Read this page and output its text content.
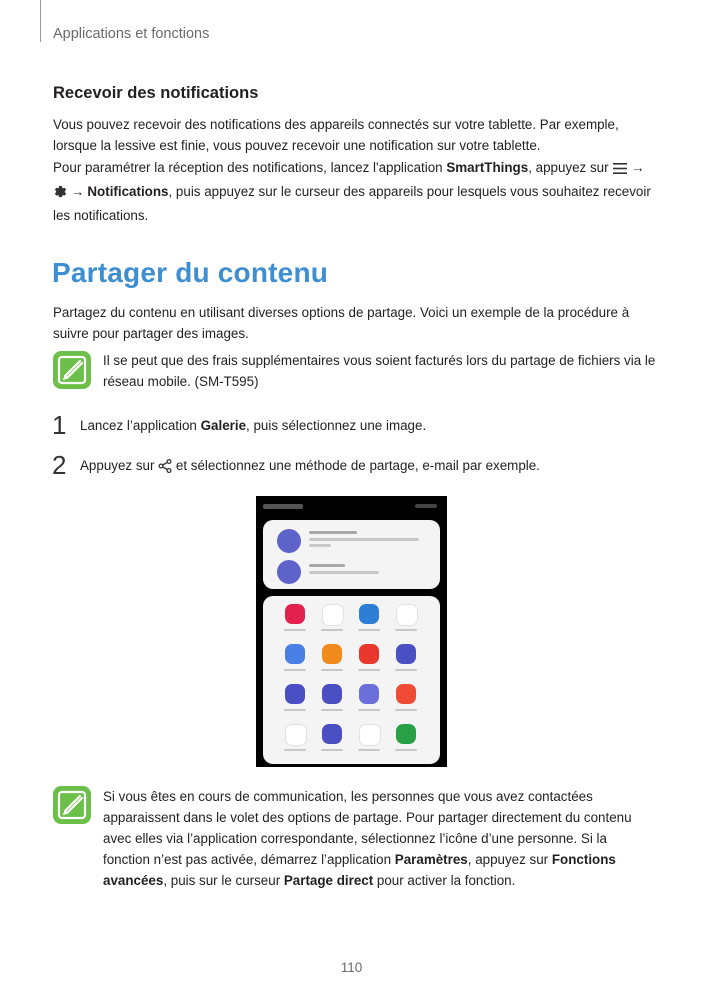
Applications et fonctions
Recevoir des notifications
Vous pouvez recevoir des notifications des appareils connectés sur votre tablette. Par exemple, lorsque la lessive est finie, vous pouvez recevoir une notification sur votre tablette.
Pour paramétrer la réception des notifications, lancez l'application SmartThings, appuyez sur →
→ Notifications, puis appuyez sur le curseur des appareils pour lesquels vous souhaitez recevoir les notifications.
Partager du contenu
Partagez du contenu en utilisant diverses options de partage. Voici un exemple de la procédure à suivre pour partager des images.
Il se peut que des frais supplémentaires vous soient facturés lors du partage de fichiers via le réseau mobile. (SM-T595)
1 Lancez l’application Galerie, puis sélectionnez une image.
2 Appuyez sur et sélectionnez une méthode de partage, e-mail par exemple.
Si vous êtes en cours de communication, les personnes que vous avez contactées apparaissent dans le volet des options de partage. Pour partager directement du contenu avec elles via l’application correspondante, sélectionnez l’icône d’une personne. Si la fonction n’est pas activée, démarrez l’application Paramètres, appuyez sur Fonctions avancées, puis sur le curseur Partage direct pour activer la fonction.
110
